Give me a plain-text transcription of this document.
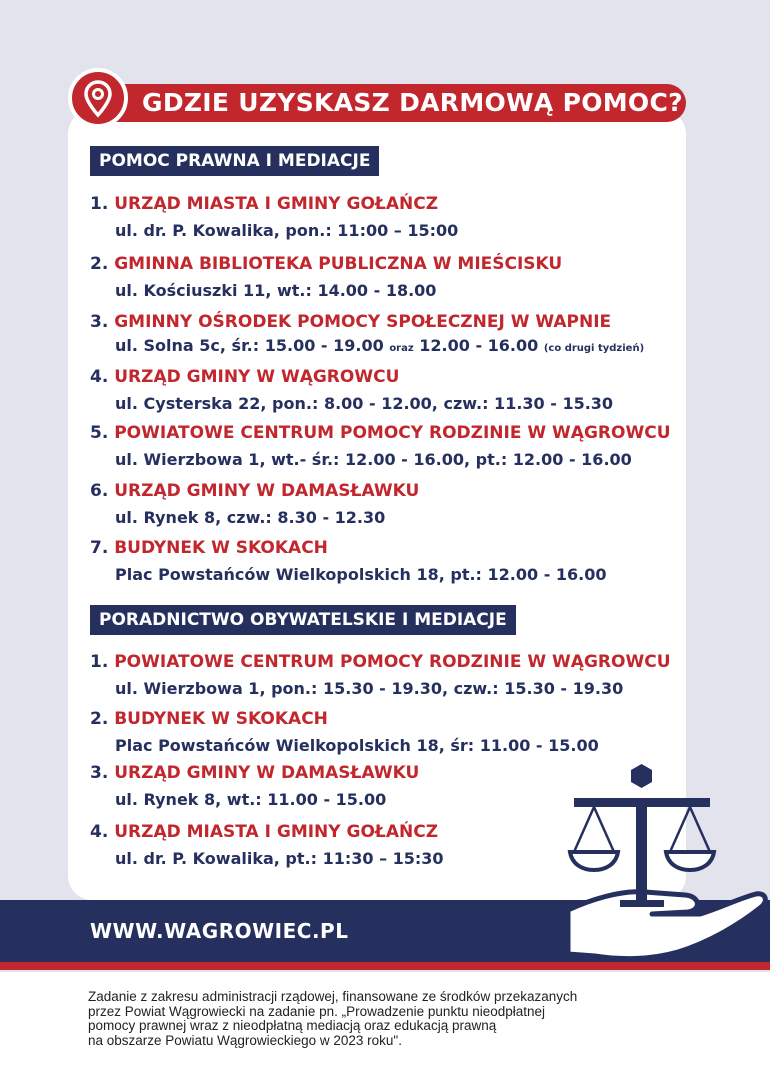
GDZIE UZYSKASZ DARMOWĄ POMOC?
POMOC PRAWNA I MEDIACJE
1. URZĄD MIASTA I GMINY GOŁAŃCZ
ul. dr. P. Kowalika, pon.: 11:00 – 15:00
2. GMINNA BIBLIOTEKA PUBLICZNA W MIEŚCISKU
ul. Kościuszki 11, wt.: 14.00 - 18.00
3. GMINNY OŚRODEK POMOCY SPOŁECZNEJ W WAPNIE
ul. Solna 5c, śr.: 15.00 - 19.00 oraz 12.00 - 16.00 (co drugi tydzień)
4. URZĄD GMINY W WĄGROWCU
ul. Cysterska 22, pon.: 8.00 - 12.00, czw.: 11.30 - 15.30
5. POWIATOWE CENTRUM POMOCY RODZINIE W WĄGROWCU
ul. Wierzbowa 1, wt.- śr.: 12.00 - 16.00, pt.: 12.00 - 16.00
6. URZĄD GMINY W DAMASŁAWKU
ul. Rynek 8, czw.: 8.30 - 12.30
7. BUDYNEK W SKOKACH
Plac Powstańców Wielkopolskich 18, pt.: 12.00 - 16.00
PORADNICTWO OBYWATELSKIE I MEDIACJE
1. POWIATOWE CENTRUM POMOCY RODZINIE W WĄGROWCU
ul. Wierzbowa 1, pon.: 15.30 - 19.30, czw.: 15.30 - 19.30
2. BUDYNEK W SKOKACH
Plac Powstańców Wielkopolskich 18, śr: 11.00 - 15.00
3. URZĄD GMINY W DAMASŁAWKU
ul. Rynek 8, wt.: 11.00 - 15.00
4. URZĄD MIASTA I GMINY GOŁAŃCZ
ul. dr. P. Kowalika, pt.: 11:30 – 15:30
WWW.WAGROWIEC.PL
Zadanie z zakresu administracji rządowej, finansowane ze środków przekazanych
przez Powiat Wągrowiecki na zadanie pn. „Prowadzenie punktu nieodpłatnej
pomocy prawnej wraz z nieodpłatną mediacją oraz edukacją prawną
na obszarze Powiatu Wągrowieckiego w 2023 roku".
